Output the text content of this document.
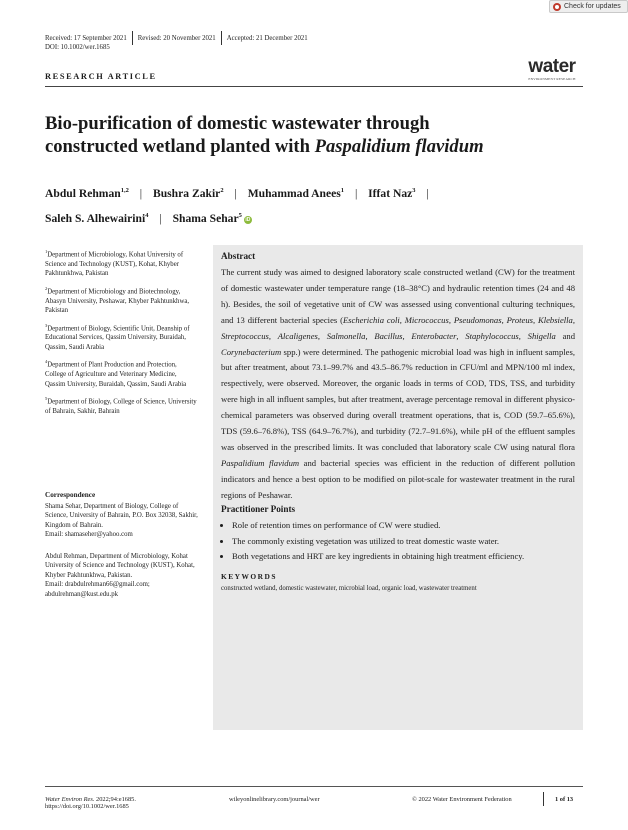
Check for updates
Received: 17 September 2021 Revised: 20 November 2021 Accepted: 21 December 2021
DOI: 10.1002/wer.1685
RESEARCH ARTICLE	water
ENVIRONMENT RESEARCH
Bio-purification of domestic wastewater through
constructed wetland planted with Paspalidium flavidum
Abdul Rehman$^{1,2}$ | Bushra Zakir$^2$ | Muhammad Anees$^1$ | Iffat Naz$^3$ |
Saleh S. Alhewairini$^4$ | Shama Sehar$^5$iD

$^1$Department of Microbiology, Kohat University of Science and Technology (KUST), Kohat, Khyber Pakhtunkhwa, Pakistan

$^2$Department of Microbiology and Biotechnology, Abasyn University, Peshawar, Khyber Pakhtunkhwa, Pakistan

$^3$Department of Biology, Scientific Unit, Deanship of Educational Services, Qassim University, Buraidah, Qassim, Saudi Arabia

$^4$Department of Plant Production and Protection, College of Agriculture and Veterinary Medicine, Qassim University, Buraidah, Qassim, Saudi Arabia

$^5$Department of Biology, College of Science, University of Bahrain, Sakhir, Bahrain

Correspondence
Shama Sehar, Department of Biology, College of Science, University of Bahrain, P.O. Box 32038, Sakhir, Kingdom of Bahrain.
Email: shamaseher@yahoo.com
Abdul Rehman, Department of Microbiology, Kohat University of Science and Technology (KUST), Kohat, Khyber Pakhtunkhwa, Pakistan.
Email: drabdulrehman66@gmail.com; abdulrehman@kust.edu.pk
Abstract

The current study was aimed to designed laboratory scale constructed wetland (CW) for the treatment of domestic wastewater under temperature range (18–38°C) and hydraulic retention times (24 and 48 h). Besides, the soil of vegetative unit of CW was assessed using conventional culturing techniques, and 13 different bacterial species (Escherichia coli, Micrococcus, Pseudomonas, Proteus, Klebsiella, Streptococcus, Alcaligenes, Salmonella, Bacillus, Enterobacter, Staphylococcus, Shigella and Corynebacterium spp.) were determined. The pathogenic microbial load was high in influent samples, but after treatment, about 73.1–99.7% and 43.5–86.7% reduction in CFU/ml and MPN/100 ml index, respectively, were observed. Moreover, the organic loads in terms of COD, TDS, TSS, and turbidity were high in all influent samples, but after treatment, average percentage removal in different physico-chemical parameters was observed during overall treatment operations, that is, COD (59.7–65.6%), TDS (59.6–76.8%), TSS (64.9–76.7%), and turbidity (72.7–91.6%), while pH of the effluent samples was observed in the prescribed limits. It was concluded that laboratory scale CW using natural flora Paspalidium flavidum and bacterial species was efficient in the reduction of different pollution indicators and hence a best option to be modified on pilot-scale for wastewater treatment in the rural regions of Peshawar.

Practitioner Points
• Role of retention times on performance of CW were studied.
• The commonly existing vegetation was utilized to treat domestic waste water.
• Both vegetations and HRT are key ingredients in obtaining high treatment efficiency.
KEYWORDS

constructed wetland, domestic wastewater, microbial load, organic load, wastewater treatment

Water Environ Res. 2022;94:e1685.
https://doi.org/10.1002/wer.1685
wileyonlinelibrary.com/journal/wer	© 2022 Water Environment Federation	1 of 13
